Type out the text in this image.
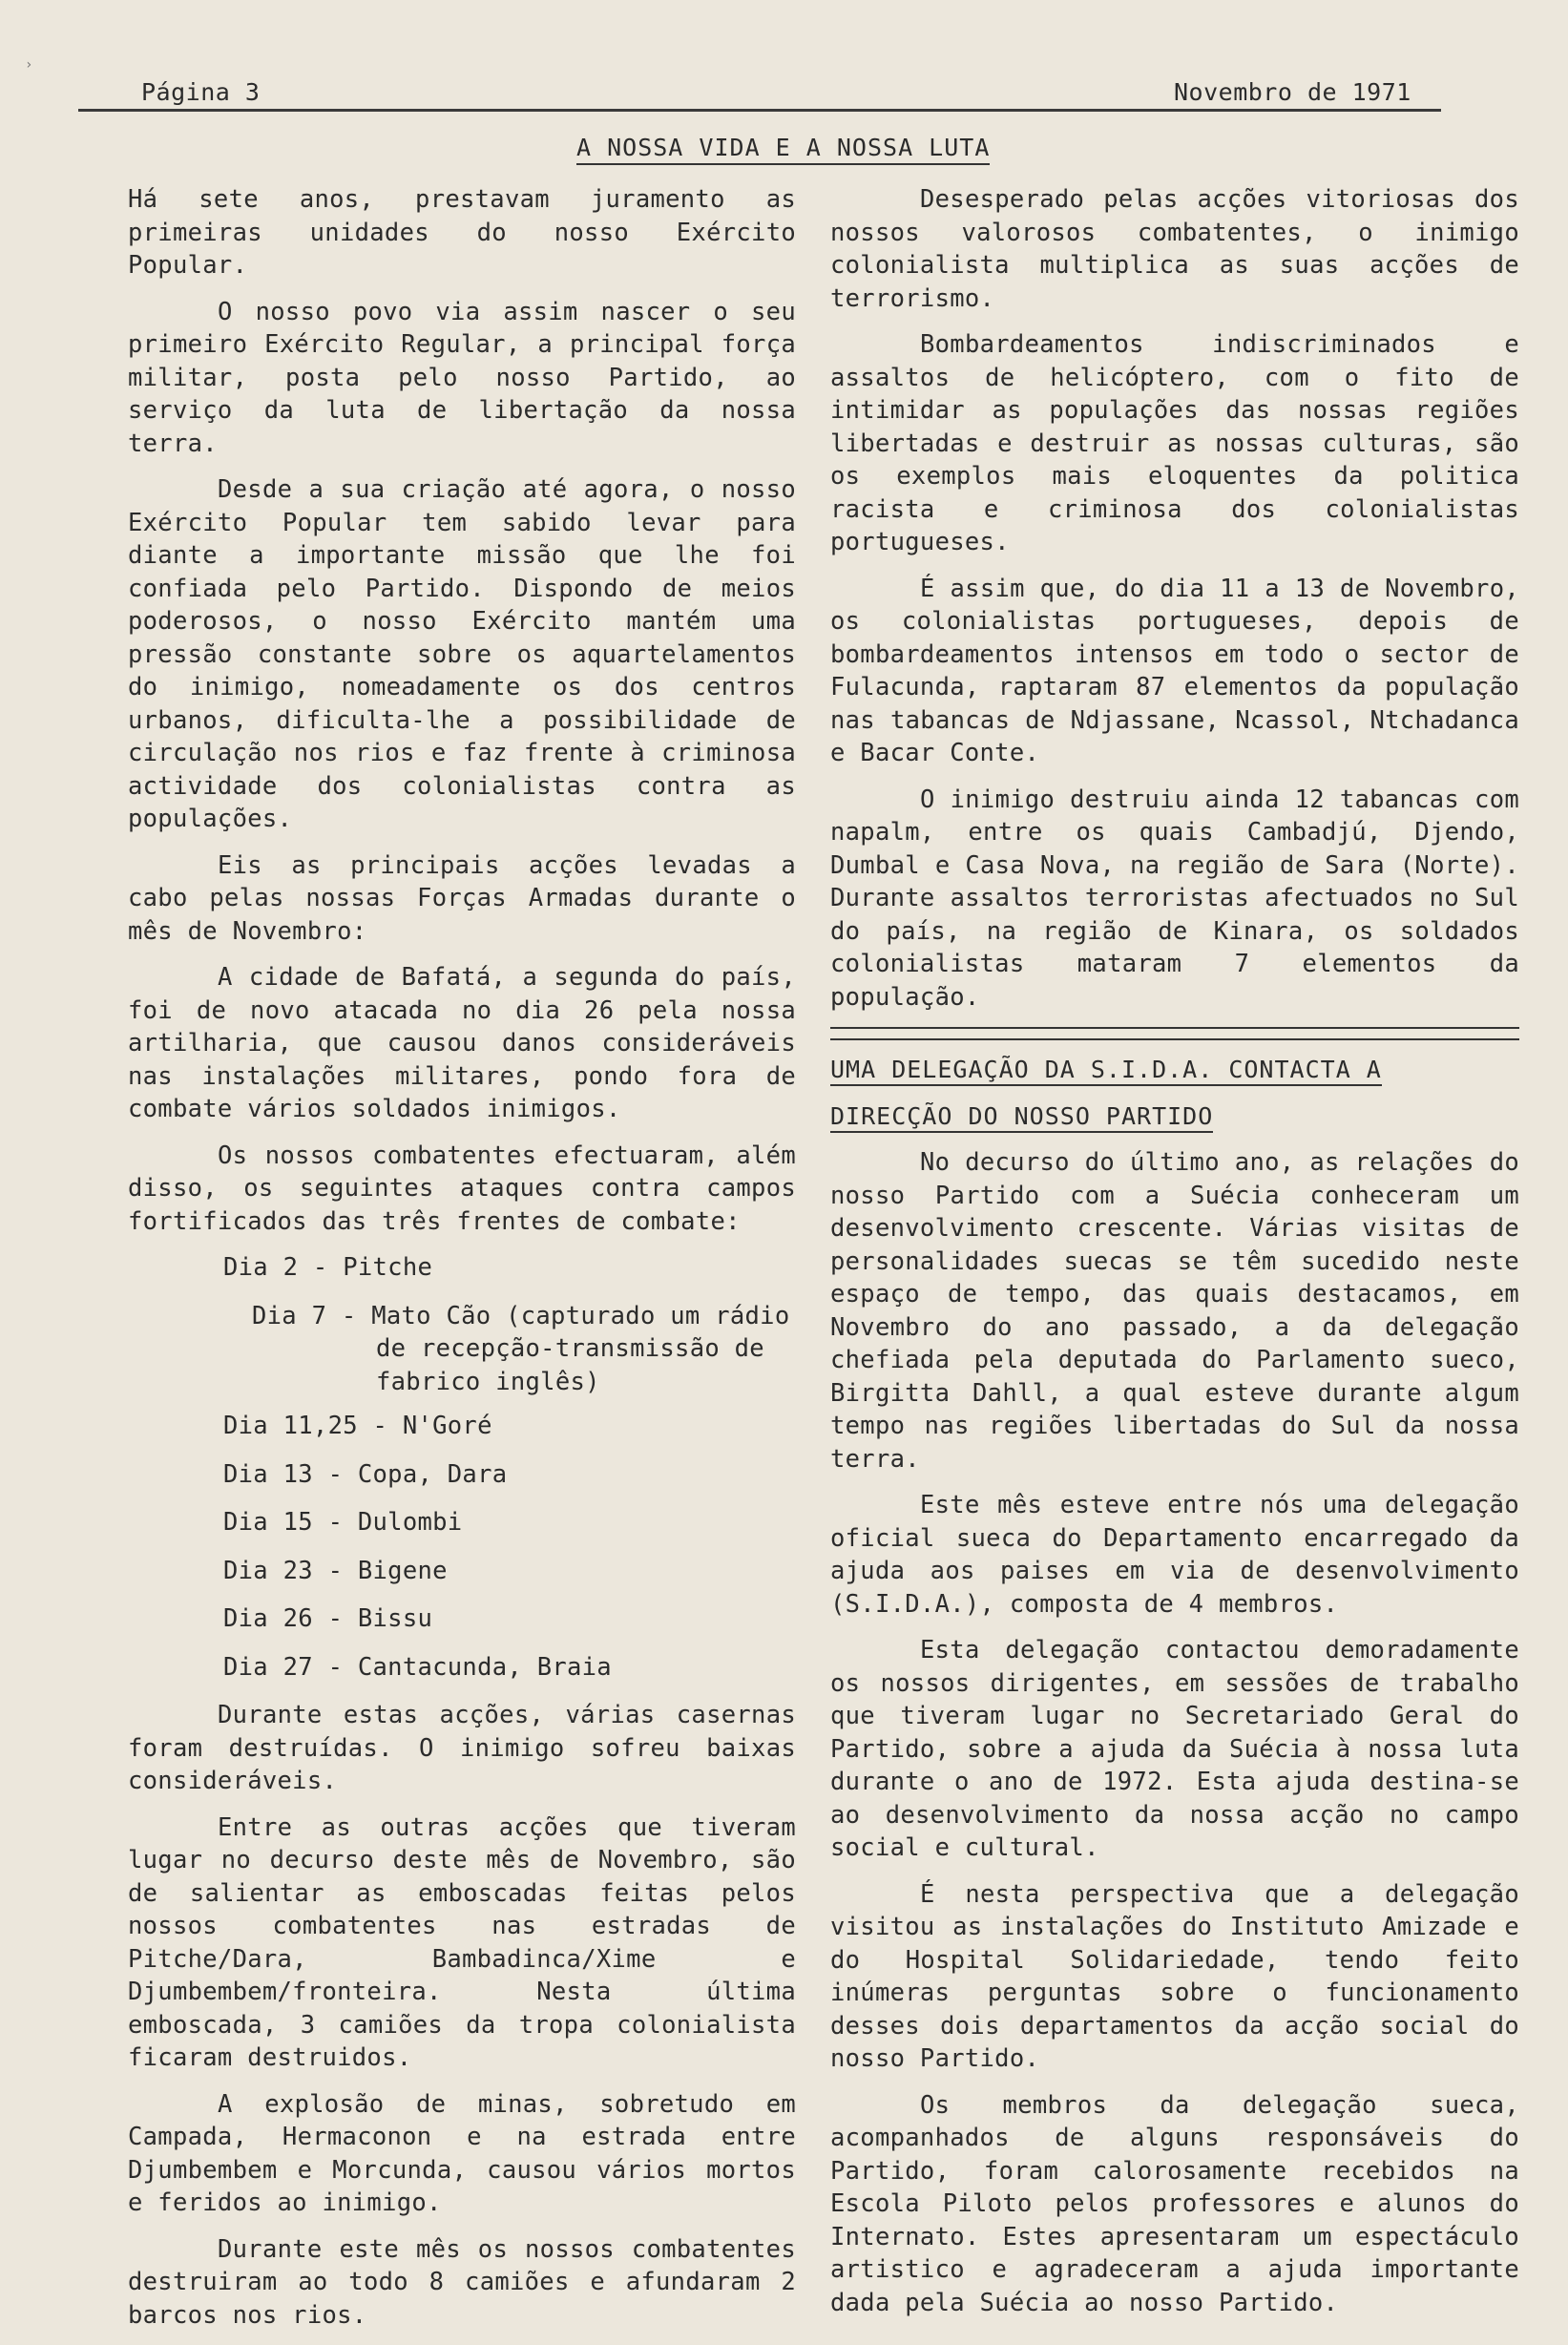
›
Página 3	Novembro de 1971
A NOSSA VIDA E A NOSSA LUTA

Há sete anos, prestavam juramento as primeiras unidades do nosso Exército Popular.

O nosso povo via assim nascer o seu primeiro Exército Regular, a principal força militar, posta pelo nosso Partido, ao serviço da luta de libertação da nossa terra.

Desde a sua criação até agora, o nosso Exército Popular tem sabido levar para diante a importante missão que lhe foi confiada pelo Partido. Dispondo de meios poderosos, o nosso Exército mantém uma pressão constante sobre os aquartelamentos do inimigo, nomeadamente os dos centros urbanos, dificulta-lhe a possibilidade de circulação nos rios e faz frente à criminosa actividade dos colonialistas contra as populações.

Eis as principais acções levadas a cabo pelas nossas Forças Armadas durante o mês de Novembro:

A cidade de Bafatá, a segunda do país, foi de novo atacada no dia 26 pela nossa artilharia, que causou danos consideráveis nas instalações militares, pondo fora de combate vários soldados inimigos.

Os nossos combatentes efectuaram, além disso, os seguintes ataques contra campos fortificados das três frentes de combate:

Dia 2 - Pitche

Dia 7 - Mato Cão (capturado um rádio de recepção-transmissão de fabrico inglês)

Dia 11,25 - N'Goré

Dia 13 - Copa, Dara

Dia 15 - Dulombi

Dia 23 - Bigene

Dia 26 - Bissu

Dia 27 - Cantacunda, Braia

Durante estas acções, várias casernas foram destruídas. O inimigo sofreu baixas consideráveis.

Entre as outras acções que tiveram lugar no decurso deste mês de Novembro, são de salientar as emboscadas feitas pelos nossos combatentes nas estradas de Pitche/Dara, Bambadinca/Xime e Djumbembem/fronteira. Nesta última emboscada, 3 camiões da tropa colonialista ficaram destruidos.

A explosão de minas, sobretudo em Campada, Hermaconon e na estrada entre Djumbembem e Morcunda, causou vários mortos e feridos ao inimigo.

Durante este mês os nossos combatentes destruiram ao todo 8 camiões e afundaram 2 barcos nos rios.

Desesperado pelas acções vitoriosas dos nossos valorosos combatentes, o inimigo colonialista multiplica as suas acções de terrorismo.

Bombardeamentos indiscriminados e assaltos de helicóptero, com o fito de intimidar as populações das nossas regiões libertadas e destruir as nossas culturas, são os exemplos mais eloquentes da politica racista e criminosa dos colonialistas portugueses.

É assim que, do dia 11 a 13 de Novembro, os colonialistas portugueses, depois de bombardeamentos intensos em todo o sector de Fulacunda, raptaram 87 elementos da população nas tabancas de Ndjassane, Ncassol, Ntchadanca e Bacar Conte.

O inimigo destruiu ainda 12 tabancas com napalm, entre os quais Cambadjú, Djendo, Dumbal e Casa Nova, na região de Sara (Norte). Durante assaltos terroristas afectuados no Sul do país, na região de Kinara, os soldados colonialistas mataram 7 elementos da população.

UMA DELEGAÇÃO DA S.I.D.A. CONTACTA A

DIRECÇÃO DO NOSSO PARTIDO

No decurso do último ano, as relações do nosso Partido com a Suécia conheceram um desenvolvimento crescente. Várias visitas de personalidades suecas se têm sucedido neste espaço de tempo, das quais destacamos, em Novembro do ano passado, a da delegação chefiada pela deputada do Parlamento sueco, Birgitta Dahll, a qual esteve durante algum tempo nas regiões libertadas do Sul da nossa terra.

Este mês esteve entre nós uma delegação oficial sueca do Departamento encarregado da ajuda aos paises em via de desenvolvimento (S.I.D.A.), composta de 4 membros.

Esta delegação contactou demoradamente os nossos dirigentes, em sessões de trabalho que tiveram lugar no Secretariado Geral do Partido, sobre a ajuda da Suécia à nossa luta durante o ano de 1972. Esta ajuda destina-se ao desenvolvimento da nossa acção no campo social e cultural.

É nesta perspectiva que a delegação visitou as instalações do Instituto Amizade e do Hospital Solidariedade, tendo feito inúmeras perguntas sobre o funcionamento desses dois departamentos da acção social do nosso Partido.

Os membros da delegação sueca, acompanhados de alguns responsáveis do Partido, foram calorosamente recebidos na Escola Piloto pelos professores e alunos do Internato. Estes apresentaram um espectáculo artistico e agradeceram a ajuda importante dada pela Suécia ao nosso Partido.
